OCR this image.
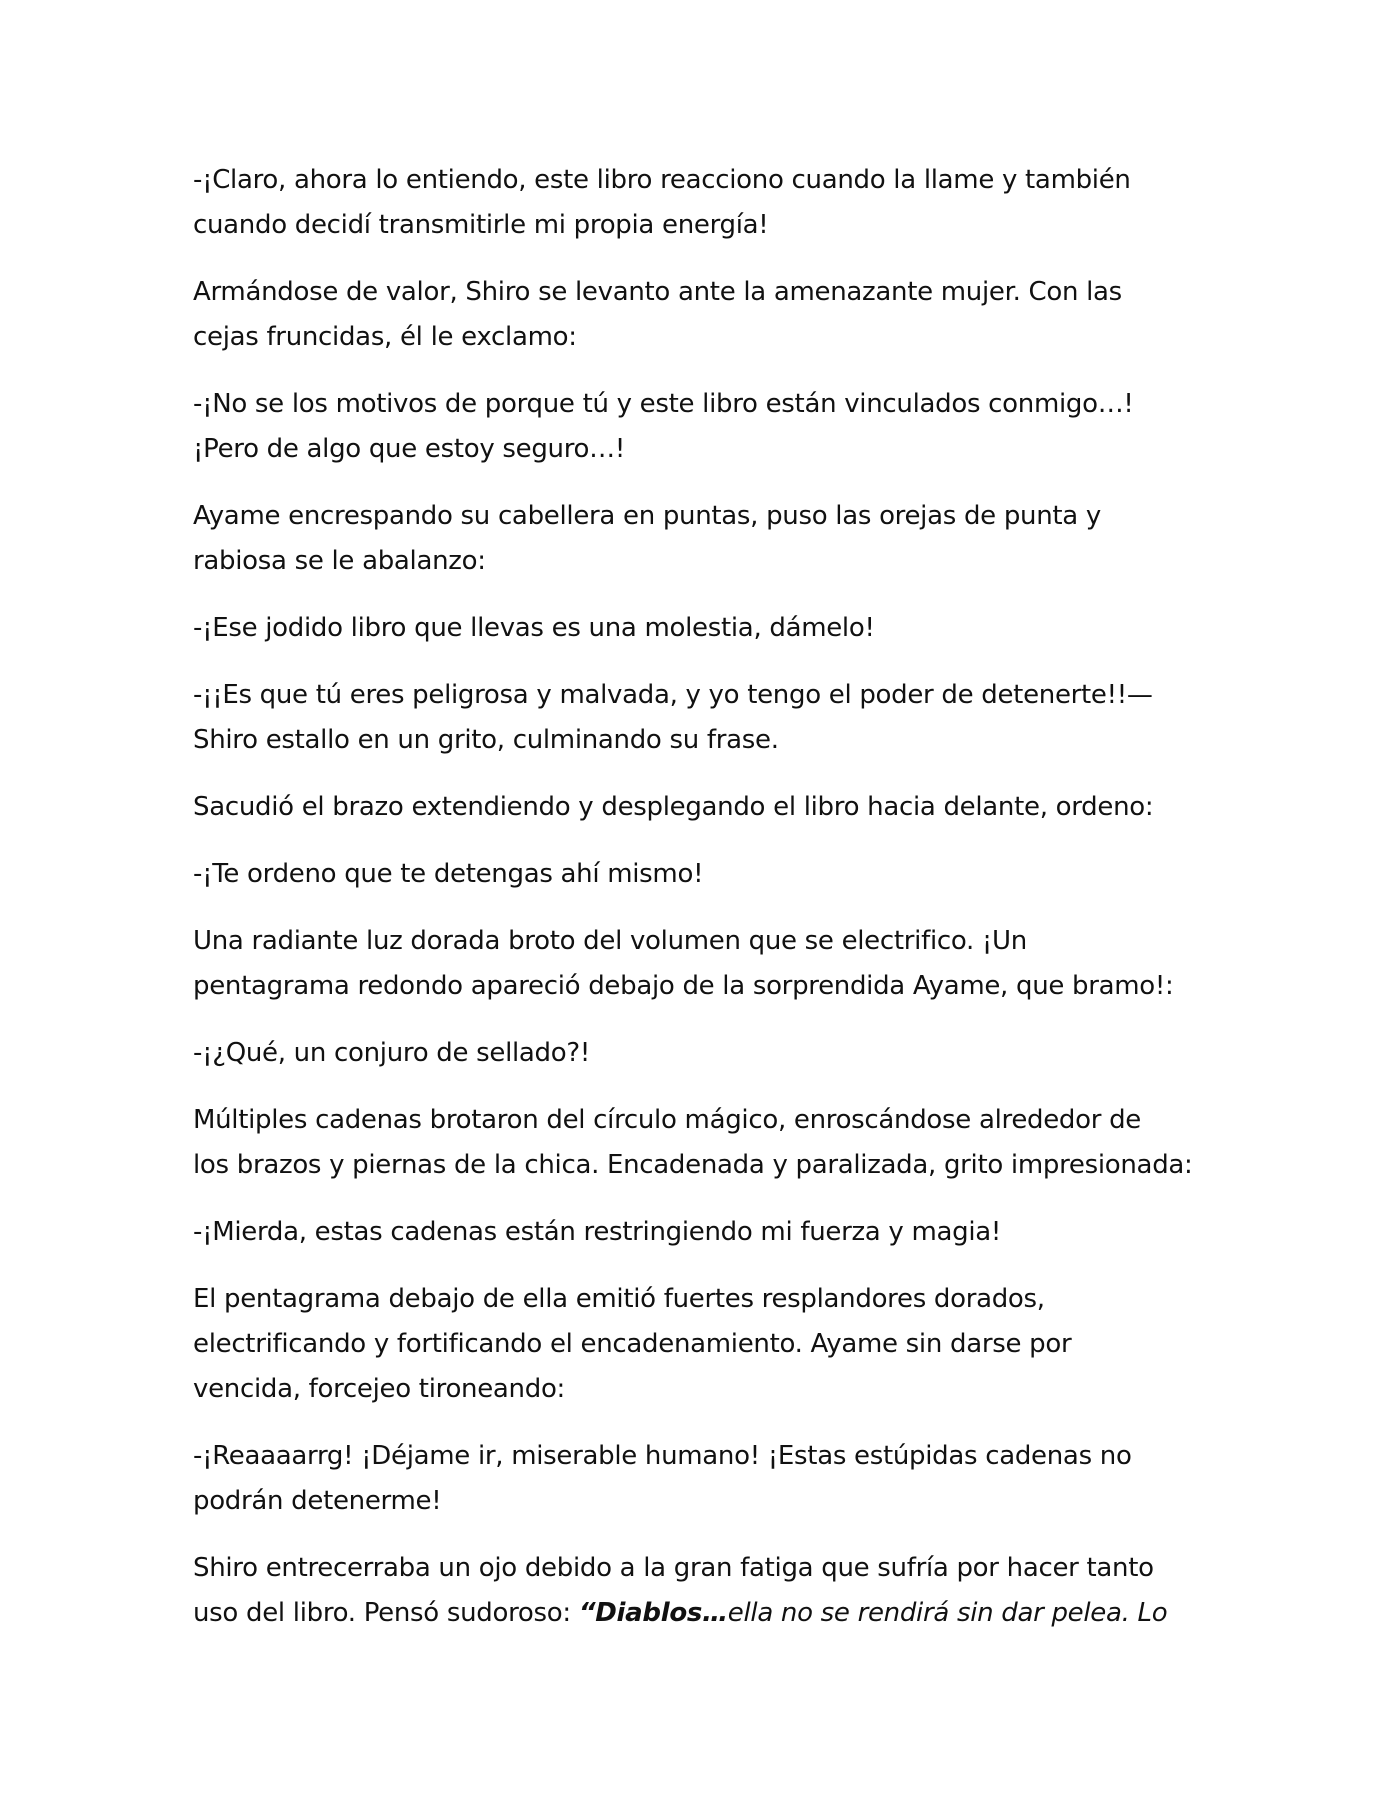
-¡Claro, ahora lo entiendo, este libro reacciono cuando la llame y también
cuando decidí transmitirle mi propia energía!

Armándose de valor, Shiro se levanto ante la amenazante mujer. Con las
cejas fruncidas, él le exclamo:

-¡No se los motivos de porque tú y este libro están vinculados conmigo…!
¡Pero de algo que estoy seguro…!

Ayame encrespando su cabellera en puntas, puso las orejas de punta y
rabiosa se le abalanzo:

-¡Ese jodido libro que llevas es una molestia, dámelo!

-¡¡Es que tú eres peligrosa y malvada, y yo tengo el poder de detenerte!!—
Shiro estallo en un grito, culminando su frase.

Sacudió el brazo extendiendo y desplegando el libro hacia delante, ordeno:

-¡Te ordeno que te detengas ahí mismo!

Una radiante luz dorada broto del volumen que se electrifico. ¡Un
pentagrama redondo apareció debajo de la sorprendida Ayame, que bramo!:

-¡¿Qué, un conjuro de sellado?!

Múltiples cadenas brotaron del círculo mágico, enroscándose alrededor de
los brazos y piernas de la chica. Encadenada y paralizada, grito impresionada:

-¡Mierda, estas cadenas están restringiendo mi fuerza y magia!

El pentagrama debajo de ella emitió fuertes resplandores dorados,
electrificando y fortificando el encadenamiento. Ayame sin darse por
vencida, forcejeo tironeando:

-¡Reaaaarrg! ¡Déjame ir, miserable humano! ¡Estas estúpidas cadenas no
podrán detenerme!

Shiro entrecerraba un ojo debido a la gran fatiga que sufría por hacer tanto
uso del libro. Pensó sudoroso: “Diablos…ella no se rendirá sin dar pelea. Lo
